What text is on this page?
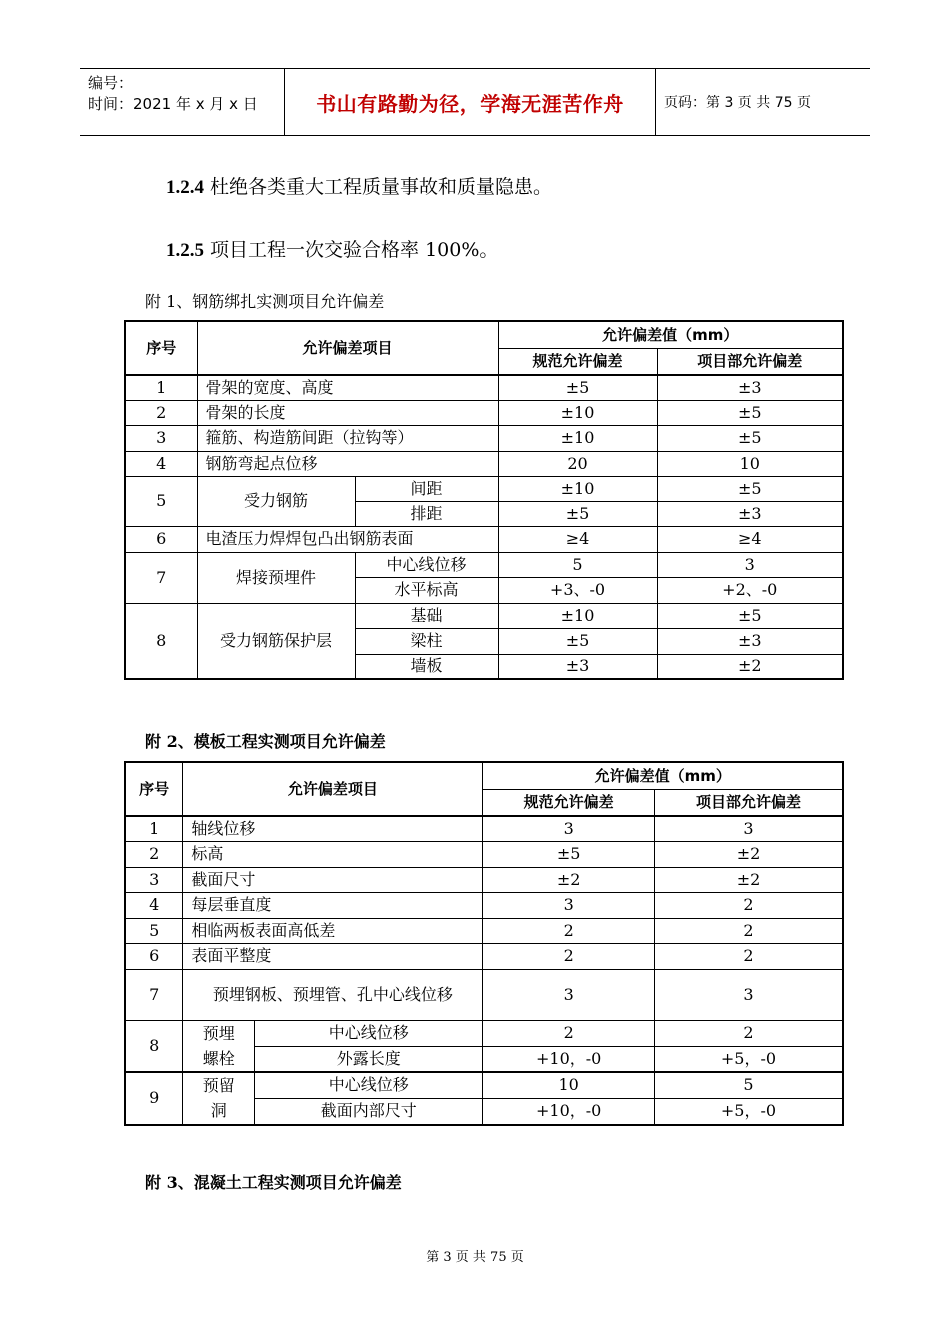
编号：
时间：2021 年 x 月 x 日	书山有路勤为径，学海无涯苦作舟	页码：第 3 页 共 75 页
1.2.4 杜绝各类重大工程质量事故和质量隐患。
1.2.5 项目工程一次交验合格率 100%。
附 1、钢筋绑扎实测项目允许偏差
序号	允许偏差项目		允许偏差值（mm）	
			规范允许偏差	项目部允许偏差
1	骨架的宽度、高度		±5	±3
2	骨架的长度		±10	±5
3	箍筋、构造筋间距（拉钩等）		±10	±5
4	钢筋弯起点位移		20	10
5	受力钢筋	间距	±10	±5
		排距	±5	±3
6	电渣压力焊焊包凸出钢筋表面		≥4	≥4
7	焊接预埋件	中心线位移	5	3
		水平标高	+3、-0	+2、-0
8	受力钢筋保护层	基础	±10	±5
		梁柱	±5	±3
		墙板	±3	±2
附 2、模板工程实测项目允许偏差
序号	允许偏差项目		允许偏差值（mm）	
			规范允许偏差	项目部允许偏差
1	轴线位移		3	3
2	标高		±5	±2
3	截面尺寸		±2	±2
4	每层垂直度		3	2
5	相临两板表面高低差		2	2
6	表面平整度		2	2
7	预埋钢板、预埋管、孔中心线位移		3	3
8	预埋螺栓	中心线位移	2	2
		外露长度	+10，-0	+5，-0
9	预留洞	中心线位移	10	5
		截面内部尺寸	+10，-0	+5，-0
附 3、混凝土工程实测项目允许偏差
第 3 页 共 75 页
